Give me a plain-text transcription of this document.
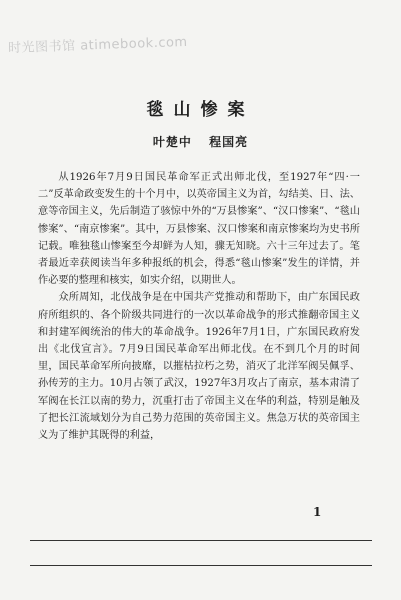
时光图书馆 atimebook.com
毯山惨案
叶楚中 程国亮

从1926年7月9日国民革命军正式出师北伐，至1927年“四·一二”反革命政变发生的十个月中，以英帝国主义为首，勾结美、日、法、意等帝国主义，先后制造了骇惊中外的“万县惨案”、“汉口惨案”、“毯山惨案”、“南京惨案”。其中，万县惨案、汉口惨案和南京惨案均为史书所记载。唯独毯山惨案至今却鲜为人知，骤无知晓。六十三年过去了。笔者最近幸获阅读当年多种报纸的机会，得悉“毯山惨案”发生的详情，并作必要的整理和核实，如实介绍，以期世人。

众所周知，北伐战争是在中国共产党推动和帮助下，由广东国民政府所组织的、各个阶级共同进行的一次以革命战争的形式推翻帝国主义和封建军阀统治的伟大的革命战争。1926年7月1日，广东国民政府发出《北伐宣言》。7月9日国民革命军出师北伐。在不到几个月的时间里，国民革命军所向披靡，以摧枯拉朽之势，消灭了北洋军阀吴佩孚、孙传芳的主力。10月占领了武汉，1927年3月攻占了南京，基本肃清了军阀在长江以南的势力，沉重打击了帝国主义在华的利益，特别是触及了把长江流域划分为自己势力范围的英帝国主义。焦急万状的英帝国主义为了维护其既得的利益，

1
